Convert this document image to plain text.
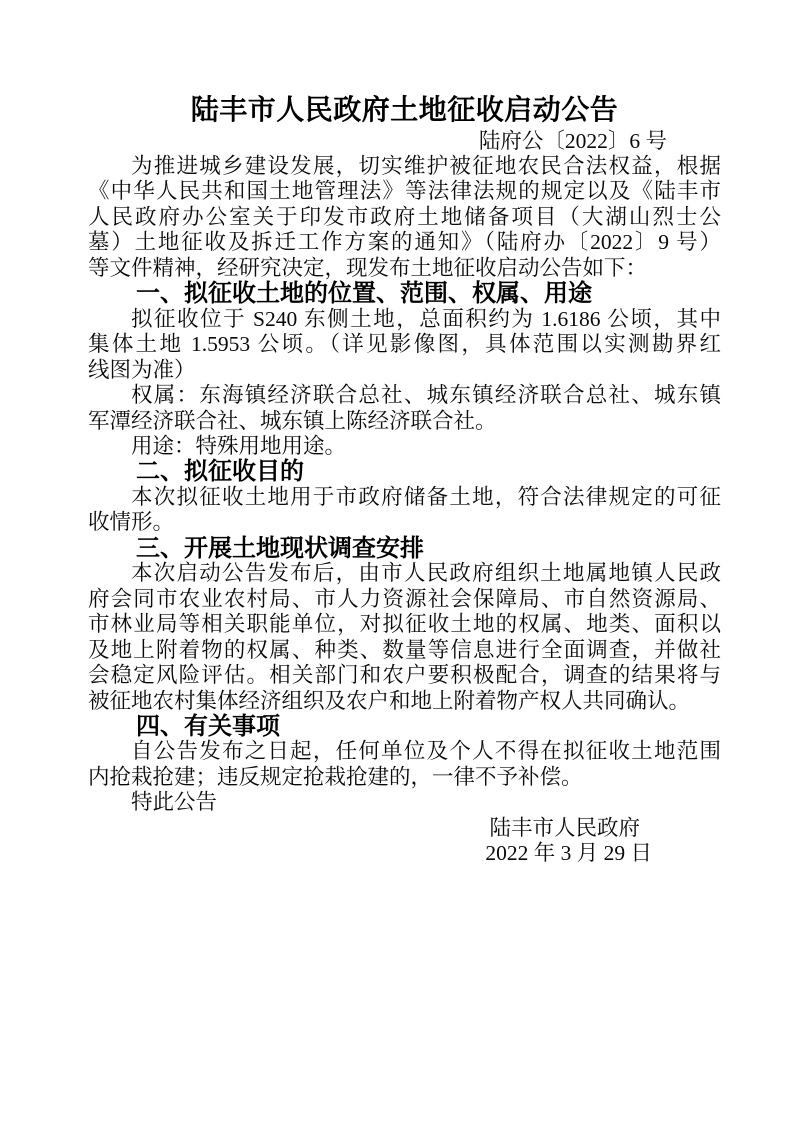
陆丰市人民政府土地征收启动公告
陆府公〔2022〕6 号
为推进城乡建设发展，切实维护被征地农民合法权益，根据
《中华人民共和国土地管理法》等法律法规的规定以及《陆丰市
人民政府办公室关于印发市政府土地储备项目（大湖山烈士公
墓）土地征收及拆迁工作方案的通知》（陆府办〔2022〕9 号）
等文件精神，经研究决定，现发布土地征收启动公告如下：
一、拟征收土地的位置、范围、权属、用途
拟征收位于 S240 东侧土地，总面积约为 1.6186 公顷，其中
集体土地 1.5953 公顷。（详见影像图，具体范围以实测勘界红
线图为准）
权属：东海镇经济联合总社、城东镇经济联合总社、城东镇
军潭经济联合社、城东镇上陈经济联合社。
用途：特殊用地用途。
二、拟征收目的
本次拟征收土地用于市政府储备土地，符合法律规定的可征
收情形。
三、开展土地现状调查安排
本次启动公告发布后，由市人民政府组织土地属地镇人民政
府会同市农业农村局、市人力资源社会保障局、市自然资源局、
市林业局等相关职能单位，对拟征收土地的权属、地类、面积以
及地上附着物的权属、种类、数量等信息进行全面调查，并做社
会稳定风险评估。相关部门和农户要积极配合，调查的结果将与
被征地农村集体经济组织及农户和地上附着物产权人共同确认。
四、有关事项
自公告发布之日起，任何单位及个人不得在拟征收土地范围
内抢栽抢建；违反规定抢栽抢建的，一律不予补偿。
特此公告
陆丰市人民政府
2022 年 3 月 29 日
